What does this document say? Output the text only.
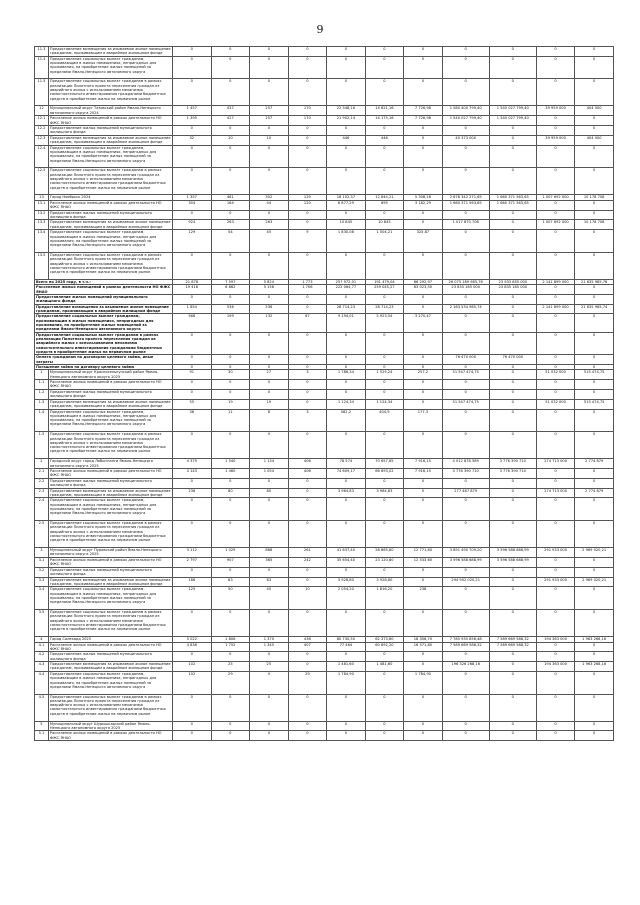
9
11.3	Предоставление возмещения за изымаемое жилое помещение гражданам, проживающим в аварийном жилищном фонде	0	0	0	0	0	0	0	0	0	0	0
11.4	Предоставление социальных выплат гражданам, проживающим в жилых помещениях, непригодных для проживания, на приобретение жилых помещений за пределами Ямало-Ненецкого автономного округа	0	0	0	0	0	0	0	0	0	0	0
11.5	Предоставление социальных выплат гражданам в рамках реализации Пилотного проекта переселения граждан из аварийного жилья с использованием механизма самостоятельного инвестирования гражданами бюджетных средств в приобретение жилья на первичном рынке	0	0	0	0	0	0	0	0	0	0	0
12	Муниципальный округ Тазовский район Ямало-Ненецкого автономного округа 2024	1 457	437	257	170	22 348,16	14 621,16	7 726,98	1 580 400 799,40	1 540 027 799,40	39 959 000	404 000
12.1	Расселение жилых помещений в рамках деятельности НО ФЖС ЯНАО	1 395	427	257	170	21 902,14	14 175,16	7 726,98	1 540 027 799,40	1 540 027 799,40	0	0
12.2	Предоставление жилых помещений муниципального жилищного фонда	0	0	0	0	0	0	0	0	0	0	0
12.3	Предоставление возмещения за изымаемое жилое помещение гражданам, проживающим в аварийном жилищном фонде	32	10	10	0	446	446	0	40 373 000	0	39 959 000	404 000
12.4	Предоставление социальных выплат гражданам, проживающим в жилых помещениях, непригодных для проживания, на приобретение жилых помещений за пределами Ямало-Ненецкого автономного округа	0	0	0	0	0	0	0	0	0	0	0
12.5	Предоставление социальных выплат гражданам в рамках реализации Пилотного проекта переселения граждан из аварийного жилья с использованием механизма самостоятельного инвестирования гражданами бюджетных средств в приобретение жилья на первичном рынке	0	0	0	0	0	0	0	0	0	0	0
13	Город Ноябрьск 2024	1 357	481	352	129	18 152,37	12 844,21	5 308,16	2 678 342 271,65	1 660 371 563,65	1 007 692 000	10 178 708
13.1	Расселение жилых помещений в рамках деятельности НО ФЖС ЯНАО	304	164	44	120	6 877,29	695	3 182,29	1 660 371 563,65	1 660 371 563,65	0	0
13.2	Предоставление жилых помещений муниципального жилищного фонда	0	0	0	0	0	0	0	0	0	0	0
13.3	Предоставление возмещения за изымаемое жилое помещение гражданам, проживающим в аварийном жилищном фонде	924	263	263	0	10 845	10 845	0	1 017 870 708	0	1 007 692 000	10 178 708
13.4	Предоставление социальных выплат гражданам, проживающим в жилых помещениях, непригодных для проживания, на приобретение жилых помещений за пределами Ямало-Ненецкого автономного округа	129	54	45	9	1 830,08	1 504,21	325,87	0	0	0	0
13.5	Предоставление социальных выплат гражданам в рамках реализации Пилотного проекта переселения граждан из аварийного жилья с использованием механизма самостоятельного инвестирования гражданами бюджетных средств в приобретение жилья на первичном рынке	0	0	0	0	0	0	0	0	0	0	0
Всего по 2025 году, в т.ч.:		21 878	7 597	5 824	1 773	257 972,01	191 479,04	66 292,97	26 075 189 985,76	23 933 655 000	2 141 899 000	21 635 985,76
Расселение жилых помещений в рамках деятельности НО ФЖС ЯНАО		19 416	6 862	5 156	1 706	222 064,77	259 045,27	63 023,50	23 835 185 000	23 835 185 000	0	0
Предоставление жилых помещений муниципального жилищного фонда		0	0	0	0	0	0	0	0	0	0	0
Предоставление возмещения за изымаемое жилое помещение гражданам, проживающим в аварийном жилищном фонде		1 854	536	536	0	28 714,23	28 714,23	0	2 163 534 985,74	0	2 141 899 000	21 635 985,74
Предоставление социальных выплат гражданам, проживающим в жилых помещениях, непригодных для проживания, на приобретение жилых помещений за пределами Ямало-Ненецкого автономного округа		566	199	132	67	9 194,01	5 923,54	3 270,47	0	0	0	0
Предоставление социальных выплат гражданам в рамках реализации Пилотного проекта переселения граждан из аварийного жилья с использованием механизма самостоятельного инвестирования гражданами бюджетных средств в приобретение жилья на первичном рынке		0	0	0	0	0	0	0	0	0	0	0
Оплата гражданам по договорам целевого займа, иные затраты		0	0	0	0	0	0	0	76 470 000	76 470 000	0	0
Погашение займа по договору целевого займа		0	0	0	0	0	0	0	0	0	0	0
1	Муниципальный округ Красноселькупский район Ямало-Ненецкого автономного округа 2025	91	30	27	3	1 786,34	1 529,24	257,2	51 547 474,75	0	51 032 000	515 474,75
1.1	Расселение жилых помещений в рамках деятельности НО ФЖС ЯНАО	0	0	0	0	0	0	0	0	0	0	0
1.2	Предоставление жилых помещений муниципального жилищного фонда	0	0	0	0	0	0	0	0	0	0	0
1.3	Предоставление возмещения за изымаемое жилое помещение гражданам, проживающим в аварийном жилищном фонде	55	19	19	0	1 124,34	1 124,34	0	51 547 474,75	0	51 032 000	515 474,75
1.4	Предоставление социальных выплат гражданам, проживающим в жилых помещениях, непригодных для проживания, на приобретение жилых помещений за пределами Ямало-Ненецкого автономного округа	36	11	8	3	582,2	404,9	177,3	0	0	0	0
1.5	Предоставление социальных выплат гражданам в рамках реализации Пилотного проекта переселения граждан из аварийного жилья с использованием механизма самостоятельного инвестирования гражданами бюджетных средств в приобретение жилья на первичном рынке	0	0	0	0	0	0	0	0	0	0	0
2	Городской округ город Лабытнанги Ямало-Ненецкого автономного округа 2025	4 379	1 540	1 134	406	78 574	70 657,85	7 916,15	4 012 878 589	3 776 390 710	274 713 000	2 774 879
2.1	Расселение жилых помещений в рамках деятельности НО ФЖС ЯНАО	4 143	1 460	1 054	406	74 609,17	66 693,02	7 916,15	3 776 390 710	3 776 390 710	0	0
2.2	Предоставление жилых помещений муниципального жилищного фонда	0	0	0	0	0	0	0	0	0	0	0
2.3	Предоставление возмещения за изымаемое жилое помещение гражданам, проживающим в аварийном жилищном фонде	236	80	80	0	3 964,83	3 964,83	0	277 487 879	0	274 713 000	2 774 879
2.4	Предоставление социальных выплат гражданам, проживающим в жилых помещениях, непригодных для проживания, на приобретение жилых помещений за пределами Ямало-Ненецкого автономного округа	0	0	0	0	0	0	0	0	0	0	0
2.5	Предоставление социальных выплат гражданам в рамках реализации Пилотного проекта переселения граждан из аварийного жилья с использованием механизма самостоятельного инвестирования гражданами бюджетных средств в приобретение жилья на первичном рынке	0	0	0	0	0	0	0	0	0	0	0
3	Муниципальный округ Пуровский район Ямало-Ненецкого автономного округа 2025	3 112	1 029	868	261	41 637,40	28 865,80	12 771,60	3 891 490 709,20	3 596 588 688,99	291 933 000	2 969 020,21
3.1	Расселение жилых помещений в рамках деятельности НО ФЖС ЯНАО	2 797	907	365	242	35 654,40	23 120,80	12 533,60	3 596 588 688,99	3 596 588 688,99	0	0
3.2	Предоставление жилых помещений муниципального жилищного фонда	0	0	0	0	0	0	0	0	0	0	0
3.3	Предоставление возмещения за изымаемое жилое помещение гражданам, проживающим в аварийном жилищном фонде	186	63	63	0	3 928,80	3 928,80	0	294 902 020,21	0	291 933 000	2 969 020,21
3.4	Предоставление социальных выплат гражданам, проживающим в жилых помещениях, непригодных для проживания, на приобретение жилых помещений за пределами Ямало-Ненецкого автономного округа	129	50	40	10	2 054,20	1 816,20	238	0	0	0	0
3.5	Предоставление социальных выплат гражданам в рамках реализации Пилотного проекта переселения граждан из аварийного жилья с использованием механизма самостоятельного инвестирования гражданами бюджетных средств в приобретение жилья на первичном рынке	0	0	0	0	0	0	0	0	0	0	0
4	Город Салехард 2025	5 022	1 806	1 370	436	80 730,50	62 373,80	18 356,70	7 785 935 856,48	7 589 669 588,32	194 363 000	1 963 268,16
4.1	Расселение жилых помещений в рамках деятельности НО ФЖС ЯНАО	4 838	1 752	1 345	407	77 464	60 892,20	16 571,80	7 589 669 588,32	7 589 669 588,32	0	0
4.2	Предоставление жилых помещений муниципального жилищного фонда	0	0	0	0	0	0	0	0	0	0	0
4.3	Предоставление возмещения за изымаемое жилое помещение гражданам, проживающим в аварийном жилищном фонде	102	25	25	0	1 481,60	1 481,60	0	196 326 268,16	0	194 363 000	1 963 268,16
4.4	Предоставление социальных выплат гражданам, проживающим в жилых помещениях, непригодных для проживания, на приобретение жилых помещений за пределами Ямало-Ненецкого автономного округа	102	29	0	29	1 784,90	0	1 784,90	0	0	0	0
4.5	Предоставление социальных выплат гражданам в рамках реализации Пилотного проекта переселения граждан из аварийного жилья с использованием механизма самостоятельного инвестирования гражданами бюджетных средств в приобретение жилья на первичном рынке	0	0	0	0	0	0	0	0	0	0	0
5	Муниципальный округ Шурышкарский район Ямало-Ненецкого автономного округа 2025	0	0	0	0	0	0	0	0	0	0	0
5.1	Расселение жилых помещений в рамках деятельности НО ФЖС ЯНАО	0	0	0	0	0	0	0	0	0	0	0
